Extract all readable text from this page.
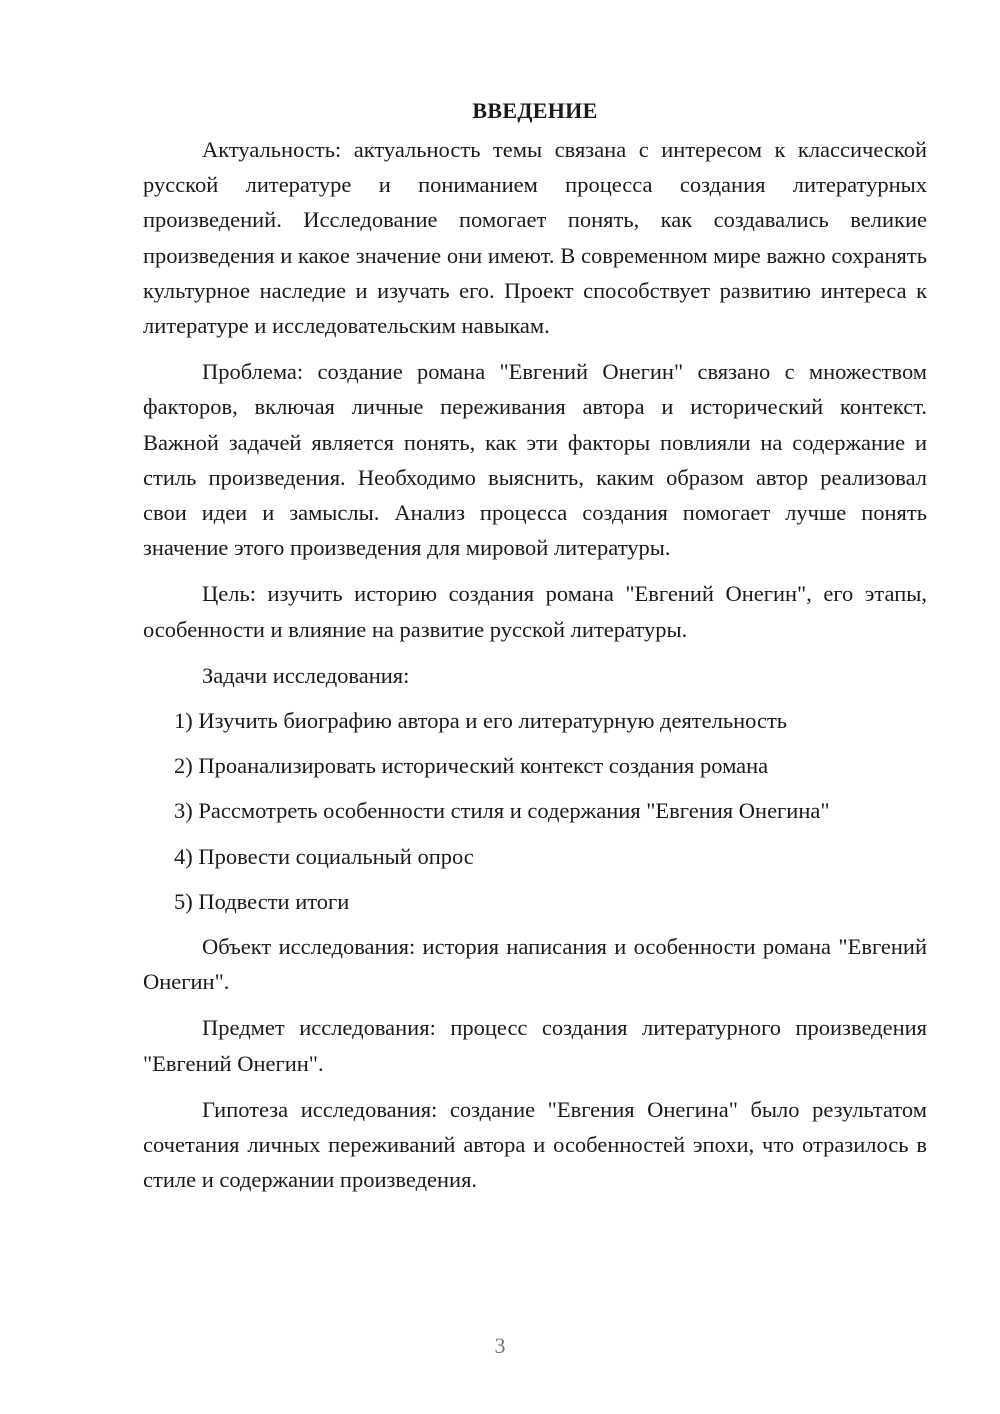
ВВЕДЕНИЕ

Актуальность: актуальность темы связана с интересом к классической русской литературе и пониманием процесса создания литературных произведений. Исследование помогает понять, как создавались великие произведения и какое значение они имеют. В современном мире важно сохранять культурное наследие и изучать его. Проект способствует развитию интереса к литературе и исследовательским навыкам.

Проблема: создание романа "Евгений Онегин" связано с множеством факторов, включая личные переживания автора и исторический контекст. Важной задачей является понять, как эти факторы повлияли на содержание и стиль произведения. Необходимо выяснить, каким образом автор реализовал свои идеи и замыслы. Анализ процесса создания помогает лучше понять значение этого произведения для мировой литературы.

Цель: изучить историю создания романа "Евгений Онегин", его этапы, особенности и влияние на развитие русской литературы.

Задачи исследования:

1) Изучить биографию автора и его литературную деятельность
2) Проанализировать исторический контекст создания романа
3) Рассмотреть особенности стиля и содержания "Евгения Онегина"
4) Провести социальный опрос
5) Подвести итоги

Объект исследования: история написания и особенности романа "Евгений Онегин".

Предмет исследования: процесс создания литературного произведения "Евгений Онегин".

Гипотеза исследования: создание "Евгения Онегина" было результатом сочетания личных переживаний автора и особенностей эпохи, что отразилось в стиле и содержании произведения.

3
